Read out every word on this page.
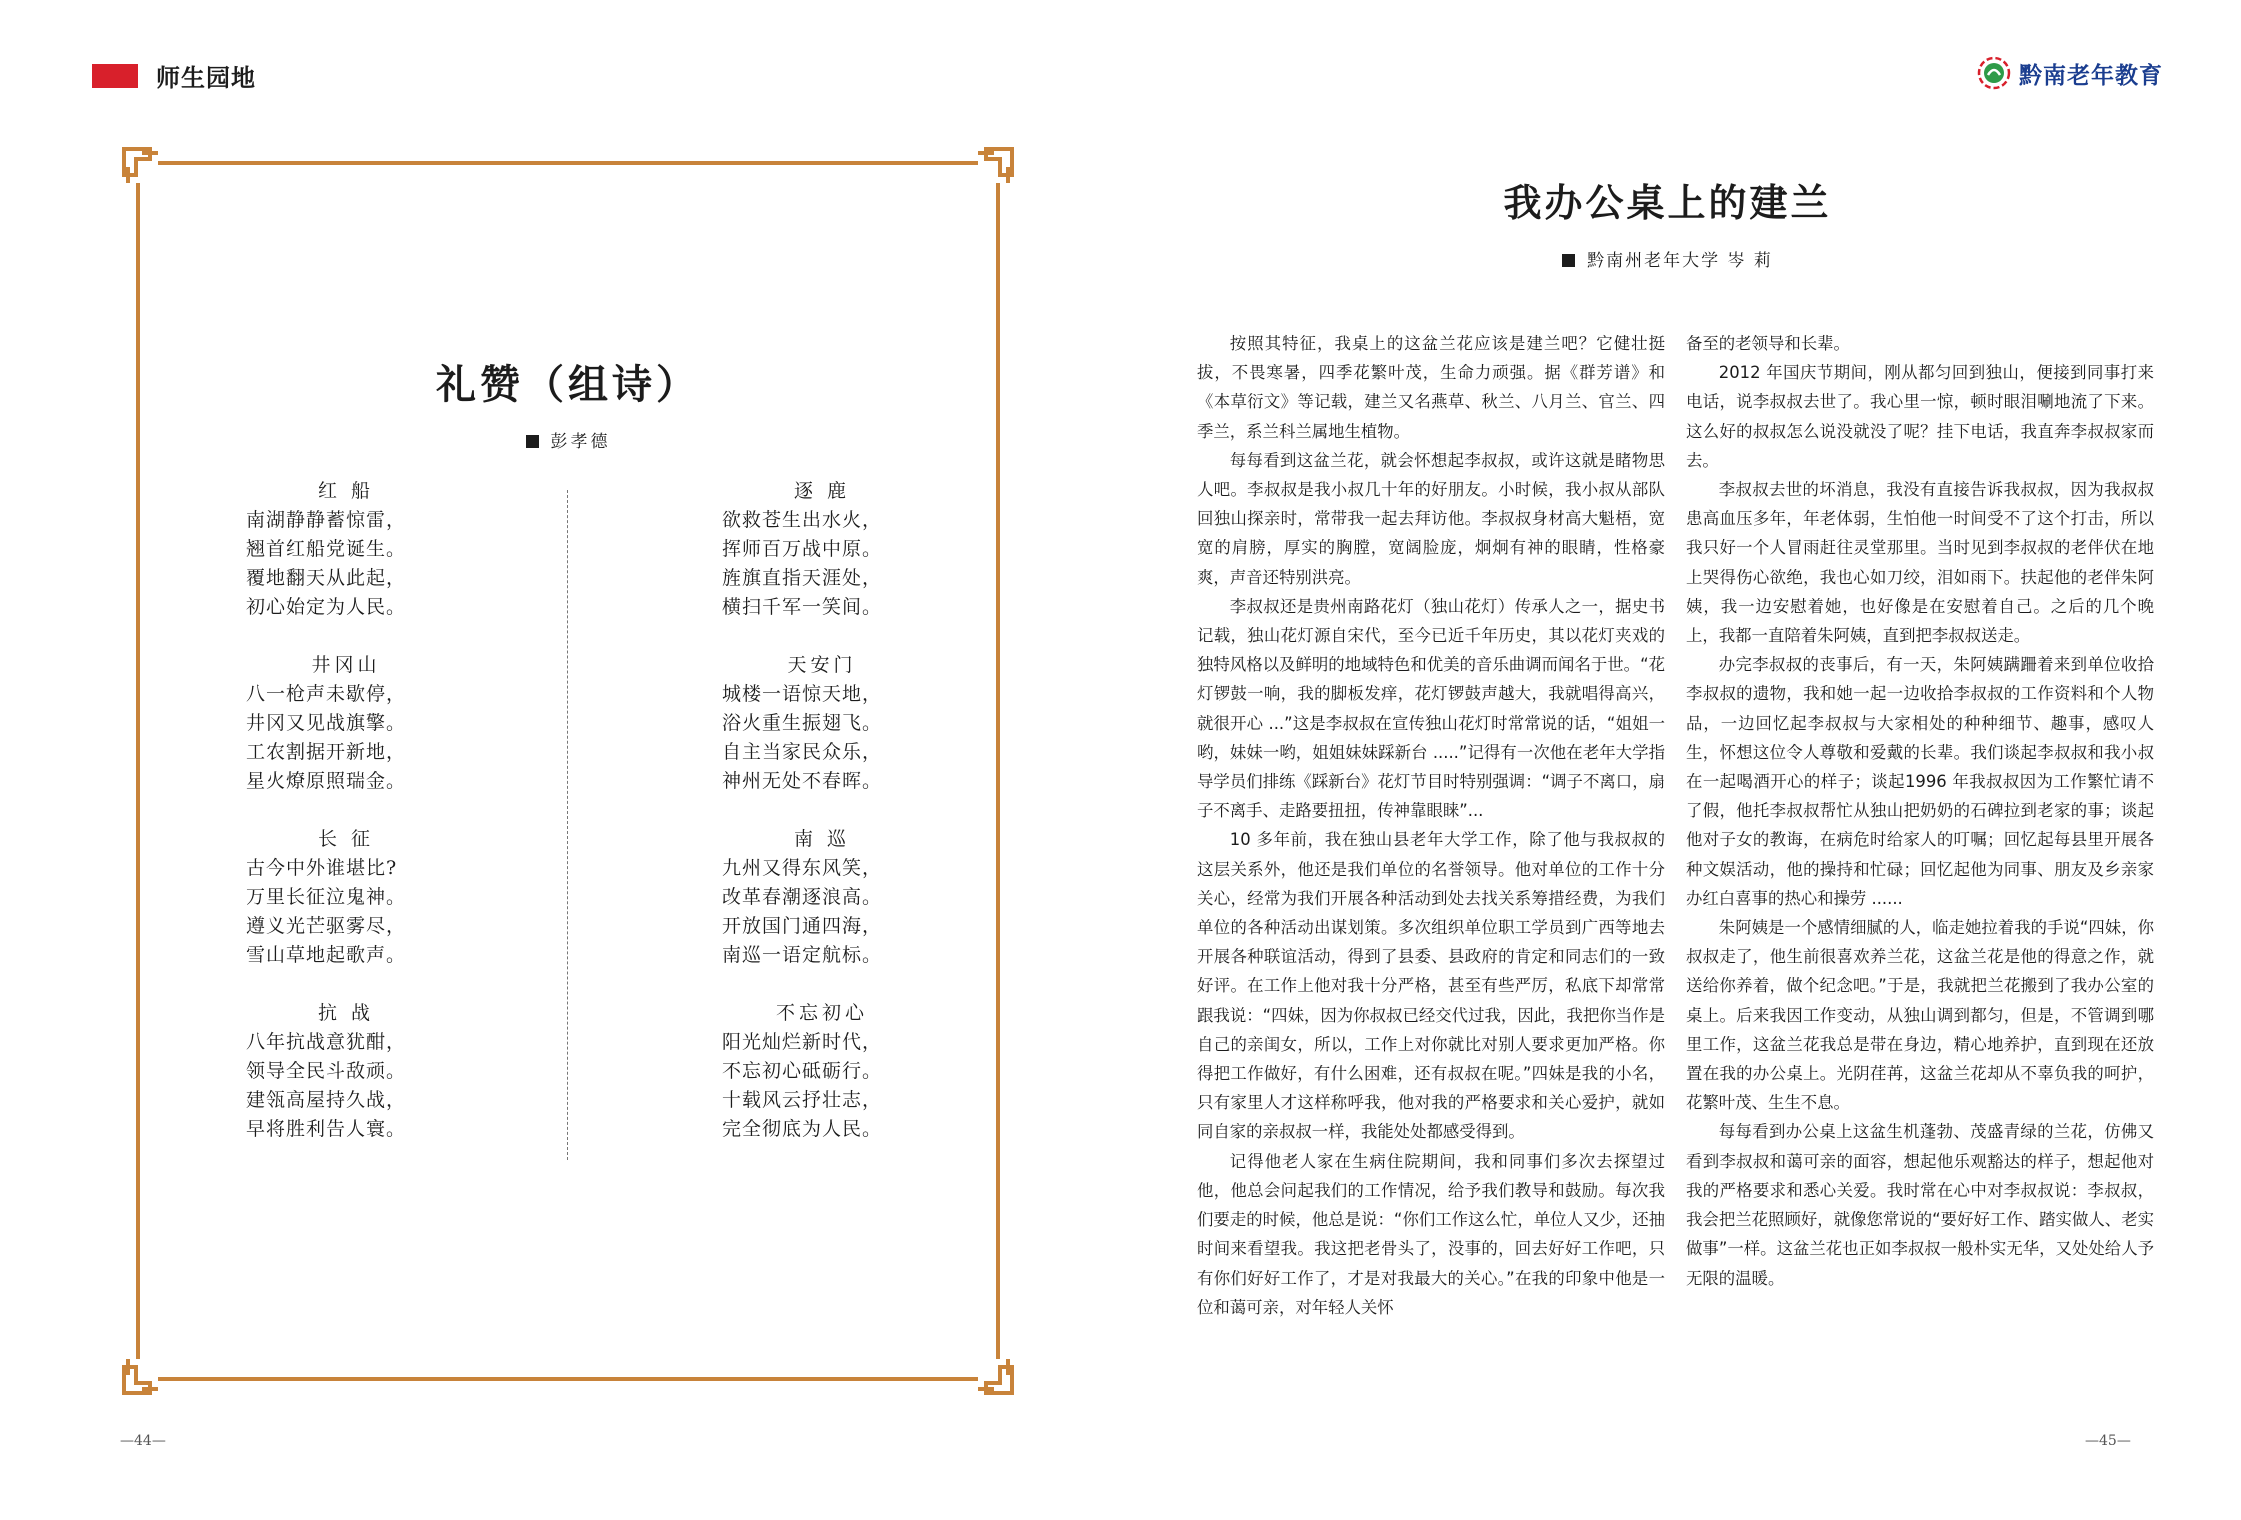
师生园地	黔南老年教育
礼赞（组诗）
彭孝德
红 船
南湖静静蓄惊雷，
翘首红船党诞生。
覆地翻天从此起，
初心始定为人民。
井冈山
八一枪声未歇停，
井冈又见战旗擎。
工农割据开新地，
星火燎原照瑞金。
长 征
古今中外谁堪比?
万里长征泣鬼神。
遵义光芒驱雾尽，
雪山草地起歌声。
抗 战
八年抗战意犹酣，
领导全民斗敌顽。
建瓴高屋持久战，
早将胜利告人寰。
逐 鹿
欲救苍生出水火，
挥师百万战中原。
旌旗直指天涯处，
横扫千军一笑间。
天安门
城楼一语惊天地，
浴火重生振翅飞。
自主当家民众乐，
神州无处不春晖。
南 巡
九州又得东风笑，
改革春潮逐浪高。
开放国门通四海，
南巡一语定航标。
不忘初心
阳光灿烂新时代，
不忘初心砥砺行。
十载风云抒壮志，
完全彻底为人民。
我办公桌上的建兰
黔南州老年大学 岑 莉

按照其特征，我桌上的这盆兰花应该是建兰吧？它健壮挺拔，不畏寒暑，四季花繁叶茂，生命力顽强。据《群芳谱》和《本草衍文》等记载，建兰又名燕草、秋兰、八月兰、官兰、四季兰，系兰科兰属地生植物。

每每看到这盆兰花，就会怀想起李叔叔，或许这就是睹物思人吧。李叔叔是我小叔几十年的好朋友。小时候，我小叔从部队回独山探亲时，常带我一起去拜访他。李叔叔身材高大魁梧，宽宽的肩膀，厚实的胸膛，宽阔脸庞，炯炯有神的眼睛，性格豪爽，声音还特别洪亮。

李叔叔还是贵州南路花灯（独山花灯）传承人之一，据史书记载，独山花灯源自宋代，至今已近千年历史，其以花灯夹戏的独特风格以及鲜明的地域特色和优美的音乐曲调而闻名于世。“花灯锣鼓一响，我的脚板发痒，花灯锣鼓声越大，我就唱得高兴，就很开心 ...”这是李叔叔在宣传独山花灯时常常说的话，“姐姐一哟，妹妹一哟，姐姐妹妹踩新台 .....”记得有一次他在老年大学指导学员们排练《踩新台》花灯节目时特别强调：“调子不离口，扇子不离手、走路要扭扭，传神靠眼睐”...

10 多年前，我在独山县老年大学工作，除了他与我叔叔的这层关系外，他还是我们单位的名誉领导。他对单位的工作十分关心，经常为我们开展各种活动到处去找关系筹措经费，为我们单位的各种活动出谋划策。多次组织单位职工学员到广西等地去开展各种联谊活动，得到了县委、县政府的肯定和同志们的一致好评。在工作上他对我十分严格，甚至有些严厉，私底下却常常跟我说：“四妹，因为你叔叔已经交代过我，因此，我把你当作是自己的亲闺女，所以，工作上对你就比对别人要求更加严格。你得把工作做好，有什么困难，还有叔叔在呢。”四妹是我的小名，只有家里人才这样称呼我，他对我的严格要求和关心爱护，就如同自家的亲叔叔一样，我能处处都感受得到。

记得他老人家在生病住院期间，我和同事们多次去探望过他，他总会问起我们的工作情况，给予我们教导和鼓励。每次我们要走的时候，他总是说：“你们工作这么忙，单位人又少，还抽时间来看望我。我这把老骨头了，没事的，回去好好工作吧，只有你们好好工作了，才是对我最大的关心。”在我的印象中他是一位和蔼可亲，对年轻人关怀

备至的老领导和长辈。

2012 年国庆节期间，刚从都匀回到独山，便接到同事打来电话，说李叔叔去世了。我心里一惊，顿时眼泪唰地流了下来。这么好的叔叔怎么说没就没了呢？挂下电话，我直奔李叔叔家而去。

李叔叔去世的坏消息，我没有直接告诉我叔叔，因为我叔叔患高血压多年，年老体弱，生怕他一时间受不了这个打击，所以我只好一个人冒雨赶往灵堂那里。当时见到李叔叔的老伴伏在地上哭得伤心欲绝，我也心如刀绞，泪如雨下。扶起他的老伴朱阿姨，我一边安慰着她，也好像是在安慰着自己。之后的几个晚上，我都一直陪着朱阿姨，直到把李叔叔送走。

办完李叔叔的丧事后，有一天，朱阿姨蹒跚着来到单位收拾李叔叔的遗物，我和她一起一边收拾李叔叔的工作资料和个人物品，一边回忆起李叔叔与大家相处的种种细节、趣事，感叹人生，怀想这位令人尊敬和爱戴的长辈。我们谈起李叔叔和我小叔在一起喝酒开心的样子；谈起1996 年我叔叔因为工作繁忙请不了假，他托李叔叔帮忙从独山把奶奶的石碑拉到老家的事；谈起他对子女的教诲，在病危时给家人的叮嘱；回忆起每县里开展各种文娱活动，他的操持和忙碌；回忆起他为同事、朋友及乡亲家办红白喜事的热心和操劳 ......

朱阿姨是一个感情细腻的人，临走她拉着我的手说“四妹，你叔叔走了，他生前很喜欢养兰花，这盆兰花是他的得意之作，就送给你养着，做个纪念吧。”于是，我就把兰花搬到了我办公室的桌上。后来我因工作变动，从独山调到都匀，但是，不管调到哪里工作，这盆兰花我总是带在身边，精心地养护，直到现在还放置在我的办公桌上。光阴荏苒，这盆兰花却从不辜负我的呵护，花繁叶茂、生生不息。

每每看到办公桌上这盆生机蓬勃、茂盛青绿的兰花，仿佛又看到李叔叔和蔼可亲的面容，想起他乐观豁达的样子，想起他对我的严格要求和悉心关爱。我时常在心中对李叔叔说：李叔叔，我会把兰花照顾好，就像您常说的“要好好工作、踏实做人、老实做事”一样。这盆兰花也正如李叔叔一般朴实无华，又处处给人予无限的温暖。

—44—	—45—
